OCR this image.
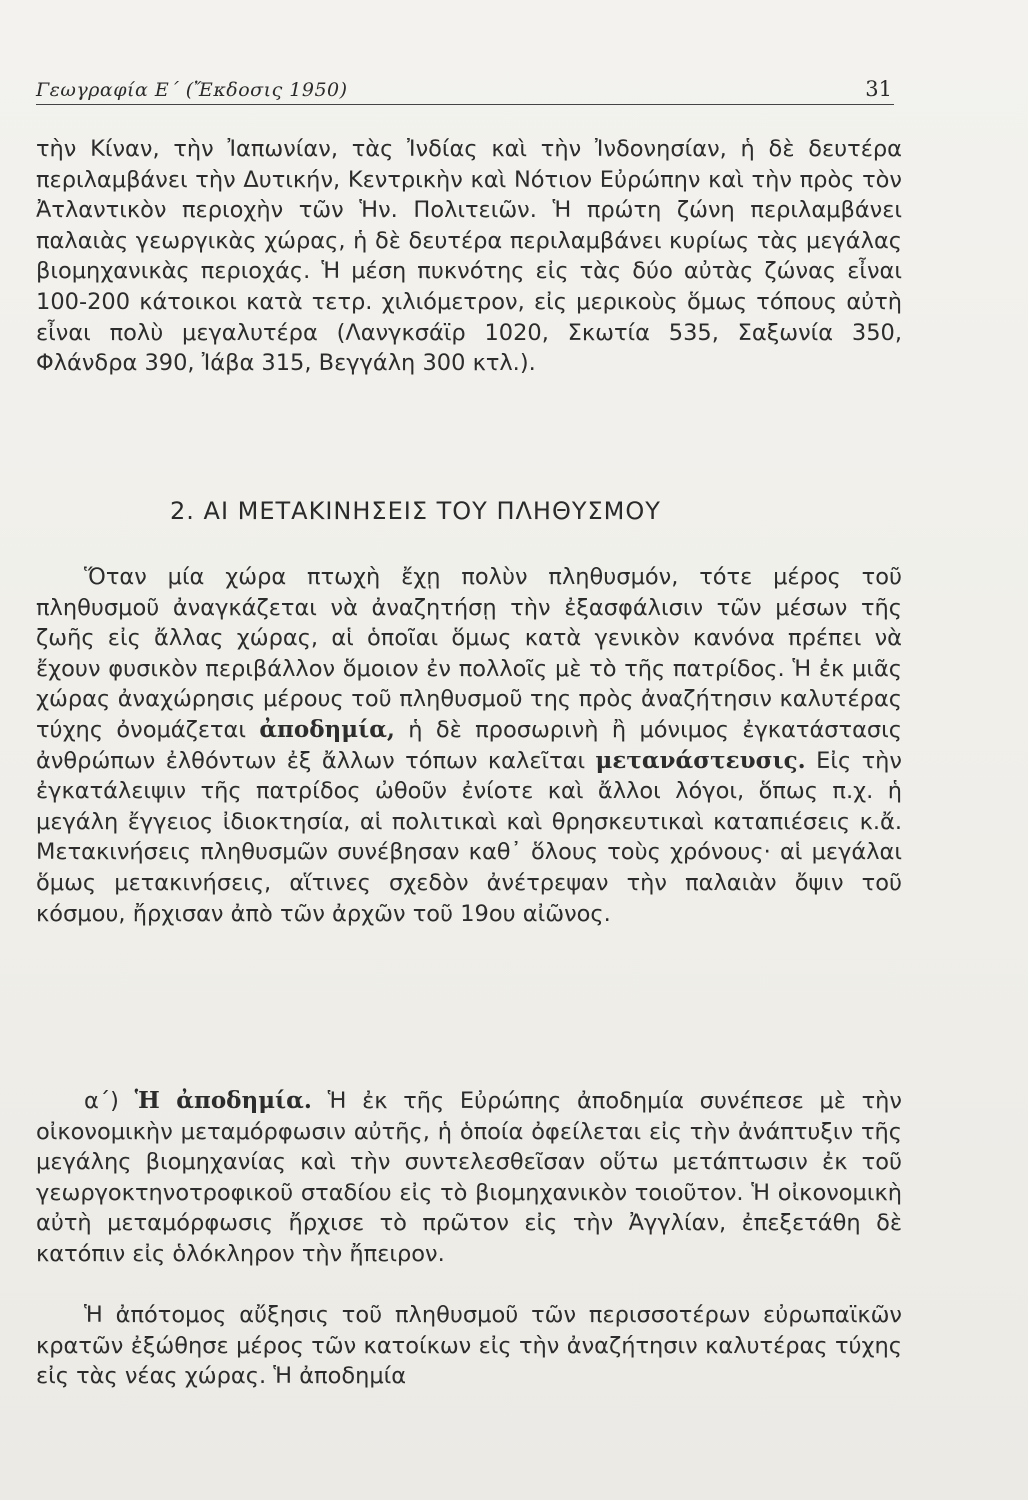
Γεωγραφία Ε΄ (Ἔκδοσις 1950)	31
τὴν Κίναν, τὴν Ἰαπωνίαν, τὰς Ἰνδίας καὶ τὴν Ἰνδονησίαν, ἡ δὲ δευτέρα περιλαμβάνει τὴν Δυτικήν, Κεντρικὴν καὶ Νότιον Εὐρώπην καὶ τὴν πρὸς τὸν Ἀτλαντικὸν περιοχὴν τῶν Ἡν. Πολιτειῶν. Ἡ πρώτη ζώνη περιλαμβάνει παλαιὰς γεωργικὰς χώρας, ἡ δὲ δευτέρα περιλαμβάνει κυρίως τὰς μεγάλας βιομηχανικὰς περιοχάς. Ἡ μέση πυκνότης εἰς τὰς δύο αὐτὰς ζώνας εἶναι 100-200 κάτοικοι κατὰ τετρ. χιλιόμετρον, εἰς μερικοὺς ὅμως τόπους αὐτὴ εἶναι πολὺ μεγαλυτέρα (Λανγκσάϊρ 1020, Σκωτία 535, Σαξωνία 350, Φλάνδρα 390, Ἰάβα 315, Βεγγάλη 300 κτλ.).
2. ΑΙ ΜΕΤΑΚΙΝΗΣΕΙΣ ΤΟΥ ΠΛΗΘΥΣΜΟΥ
Ὅταν μία χώρα πτωχὴ ἔχῃ πολὺν πληθυσμόν, τότε μέρος τοῦ πληθυσμοῦ ἀναγκάζεται νὰ ἀναζητήσῃ τὴν ἐξασφάλισιν τῶν μέσων τῆς ζωῆς εἰς ἄλλας χώρας, αἱ ὁποῖαι ὅμως κατὰ γενικὸν κανόνα πρέπει νὰ ἔχουν φυσικὸν περιβάλλον ὅμοιον ἐν πολλοῖς μὲ τὸ τῆς πατρίδος. Ἡ ἐκ μιᾶς χώρας ἀναχώρησις μέρους τοῦ πληθυσμοῦ της πρὸς ἀναζήτησιν καλυτέρας τύχης ὀνομάζεται ἀποδημία, ἡ δὲ προσωρινὴ ἢ μόνιμος ἐγκατάστασις ἀνθρώπων ἐλθόντων ἐξ ἄλλων τόπων καλεῖται μετανάστευσις. Εἰς τὴν ἐγκατάλειψιν τῆς πατρίδος ὠθοῦν ἐνίοτε καὶ ἄλλοι λόγοι, ὅπως π.χ. ἡ μεγάλη ἔγγειος ἰδιοκτησία, αἱ πολιτικαὶ καὶ θρησκευτικαὶ καταπιέσεις κ.ἄ. Μετακινήσεις πληθυσμῶν συνέβησαν καθ᾿ ὅλους τοὺς χρόνους· αἱ μεγάλαι ὅμως μετακινήσεις, αἵτινες σχεδὸν ἀνέτρεψαν τὴν παλαιὰν ὄψιν τοῦ κόσμου, ἤρχισαν ἀπὸ τῶν ἀρχῶν τοῦ 19ου αἰῶνος.
α΄) Ἡ ἀποδημία. Ἡ ἐκ τῆς Εὐρώπης ἀποδημία συνέπεσε μὲ τὴν οἰκονομικὴν μεταμόρφωσιν αὐτῆς, ἡ ὁποία ὀφείλεται εἰς τὴν ἀνάπτυξιν τῆς μεγάλης βιομηχανίας καὶ τὴν συντελεσθεῖσαν οὕτω μετάπτωσιν ἐκ τοῦ γεωργοκτηνοτροφικοῦ σταδίου εἰς τὸ βιομηχανικὸν τοιοῦτον. Ἡ οἰκονομικὴ αὐτὴ μεταμόρφωσις ἤρχισε τὸ πρῶτον εἰς τὴν Ἀγγλίαν, ἐπεξετάθη δὲ κατόπιν εἰς ὁλόκληρον τὴν ἤπειρον.
Ἡ ἀπότομος αὔξησις τοῦ πληθυσμοῦ τῶν περισσοτέρων εὐρωπαϊκῶν κρατῶν ἐξώθησε μέρος τῶν κατοίκων εἰς τὴν ἀναζήτησιν καλυτέρας τύχης εἰς τὰς νέας χώρας. Ἡ ἀποδημία
